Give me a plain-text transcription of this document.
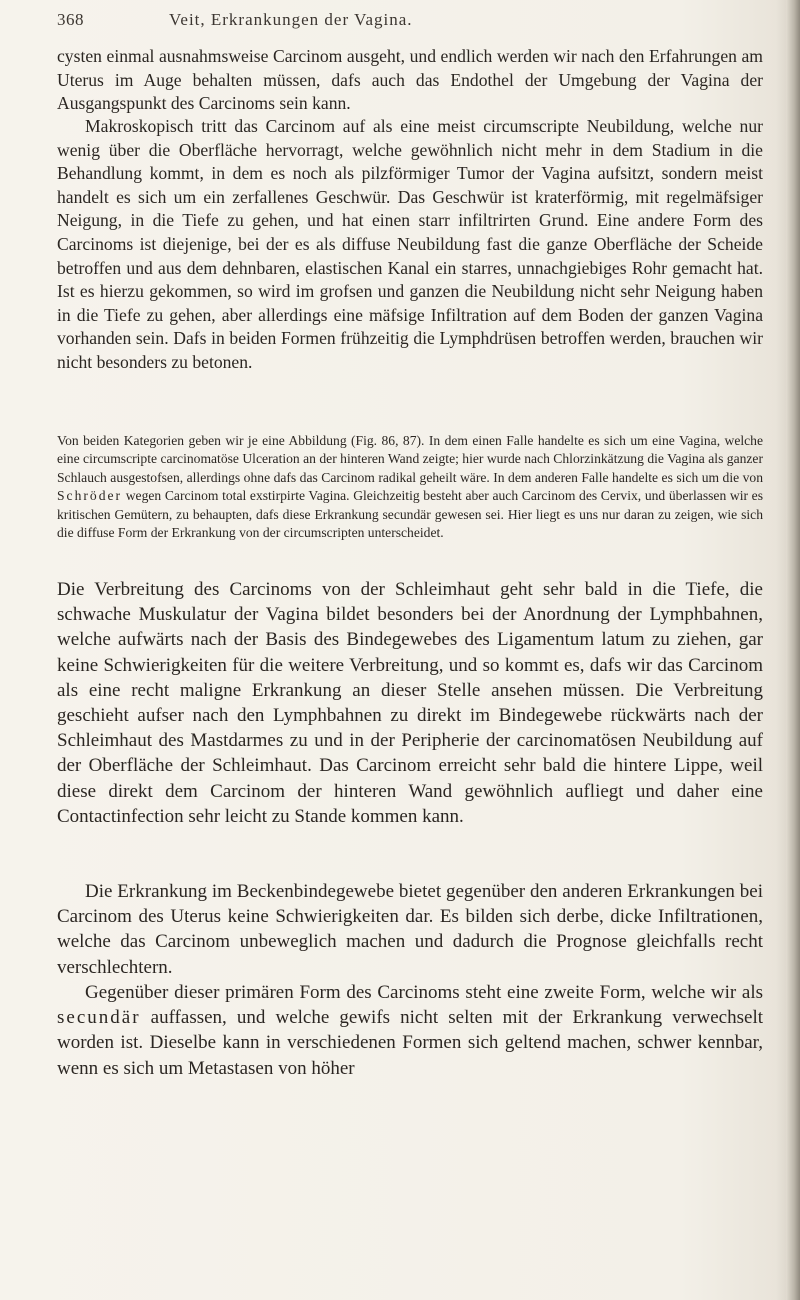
368	Veit, Erkrankungen der Vagina.

cysten einmal ausnahmsweise Carcinom ausgeht, und endlich werden wir nach den Erfahrungen am Uterus im Auge behalten müssen, dafs auch das Endothel der Umgebung der Vagina der Ausgangspunkt des Carcinoms sein kann.

Makroskopisch tritt das Carcinom auf als eine meist circumscripte Neubildung, welche nur wenig über die Oberfläche hervorragt, welche gewöhnlich nicht mehr in dem Stadium in die Behandlung kommt, in dem es noch als pilzförmiger Tumor der Vagina aufsitzt, sondern meist handelt es sich um ein zerfallenes Geschwür. Das Geschwür ist kraterförmig, mit regelmäfsiger Neigung, in die Tiefe zu gehen, und hat einen starr infiltrirten Grund. Eine andere Form des Carcinoms ist diejenige, bei der es als diffuse Neubildung fast die ganze Oberfläche der Scheide betroffen und aus dem dehnbaren, elastischen Kanal ein starres, unnachgiebiges Rohr gemacht hat. Ist es hierzu gekommen, so wird im grofsen und ganzen die Neubildung nicht sehr Neigung haben in die Tiefe zu gehen, aber allerdings eine mäfsige Infiltration auf dem Boden der ganzen Vagina vorhanden sein. Dafs in beiden Formen frühzeitig die Lymphdrüsen betroffen werden, brauchen wir nicht besonders zu betonen.

Von beiden Kategorien geben wir je eine Abbildung (Fig. 86, 87). In dem einen Falle handelte es sich um eine Vagina, welche eine circumscripte carcinomatöse Ulceration an der hinteren Wand zeigte; hier wurde nach Chlorzinkätzung die Vagina als ganzer Schlauch ausgestofsen, allerdings ohne dafs das Carcinom radikal geheilt wäre. In dem anderen Falle handelte es sich um die von Schröder wegen Carcinom total exstirpirte Vagina. Gleichzeitig besteht aber auch Carcinom des Cervix, und überlassen wir es kritischen Gemütern, zu behaupten, dafs diese Erkrankung secundär gewesen sei. Hier liegt es uns nur daran zu zeigen, wie sich die diffuse Form der Erkrankung von der circumscripten unterscheidet.

Die Verbreitung des Carcinoms von der Schleimhaut geht sehr bald in die Tiefe, die schwache Muskulatur der Vagina bildet besonders bei der Anordnung der Lymphbahnen, welche aufwärts nach der Basis des Bindegewebes des Ligamentum latum zu ziehen, gar keine Schwierigkeiten für die weitere Verbreitung, und so kommt es, dafs wir das Carcinom als eine recht maligne Erkrankung an dieser Stelle ansehen müssen. Die Verbreitung geschieht aufser nach den Lymphbahnen zu direkt im Bindegewebe rückwärts nach der Schleimhaut des Mastdarmes zu und in der Peripherie der carcinomatösen Neubildung auf der Oberfläche der Schleimhaut. Das Carcinom erreicht sehr bald die hintere Lippe, weil diese direkt dem Carcinom der hinteren Wand gewöhnlich aufliegt und daher eine Contactinfection sehr leicht zu Stande kommen kann.

Die Erkrankung im Beckenbindegewebe bietet gegenüber den anderen Erkrankungen bei Carcinom des Uterus keine Schwierigkeiten dar. Es bilden sich derbe, dicke Infiltrationen, welche das Carcinom unbeweglich machen und dadurch die Prognose gleichfalls recht verschlechtern.

Gegenüber dieser primären Form des Carcinoms steht eine zweite Form, welche wir als secundär auffassen, und welche gewifs nicht selten mit der Erkrankung verwechselt worden ist. Dieselbe kann in verschiedenen Formen sich geltend machen, schwer kennbar, wenn es sich um Metastasen von höher
